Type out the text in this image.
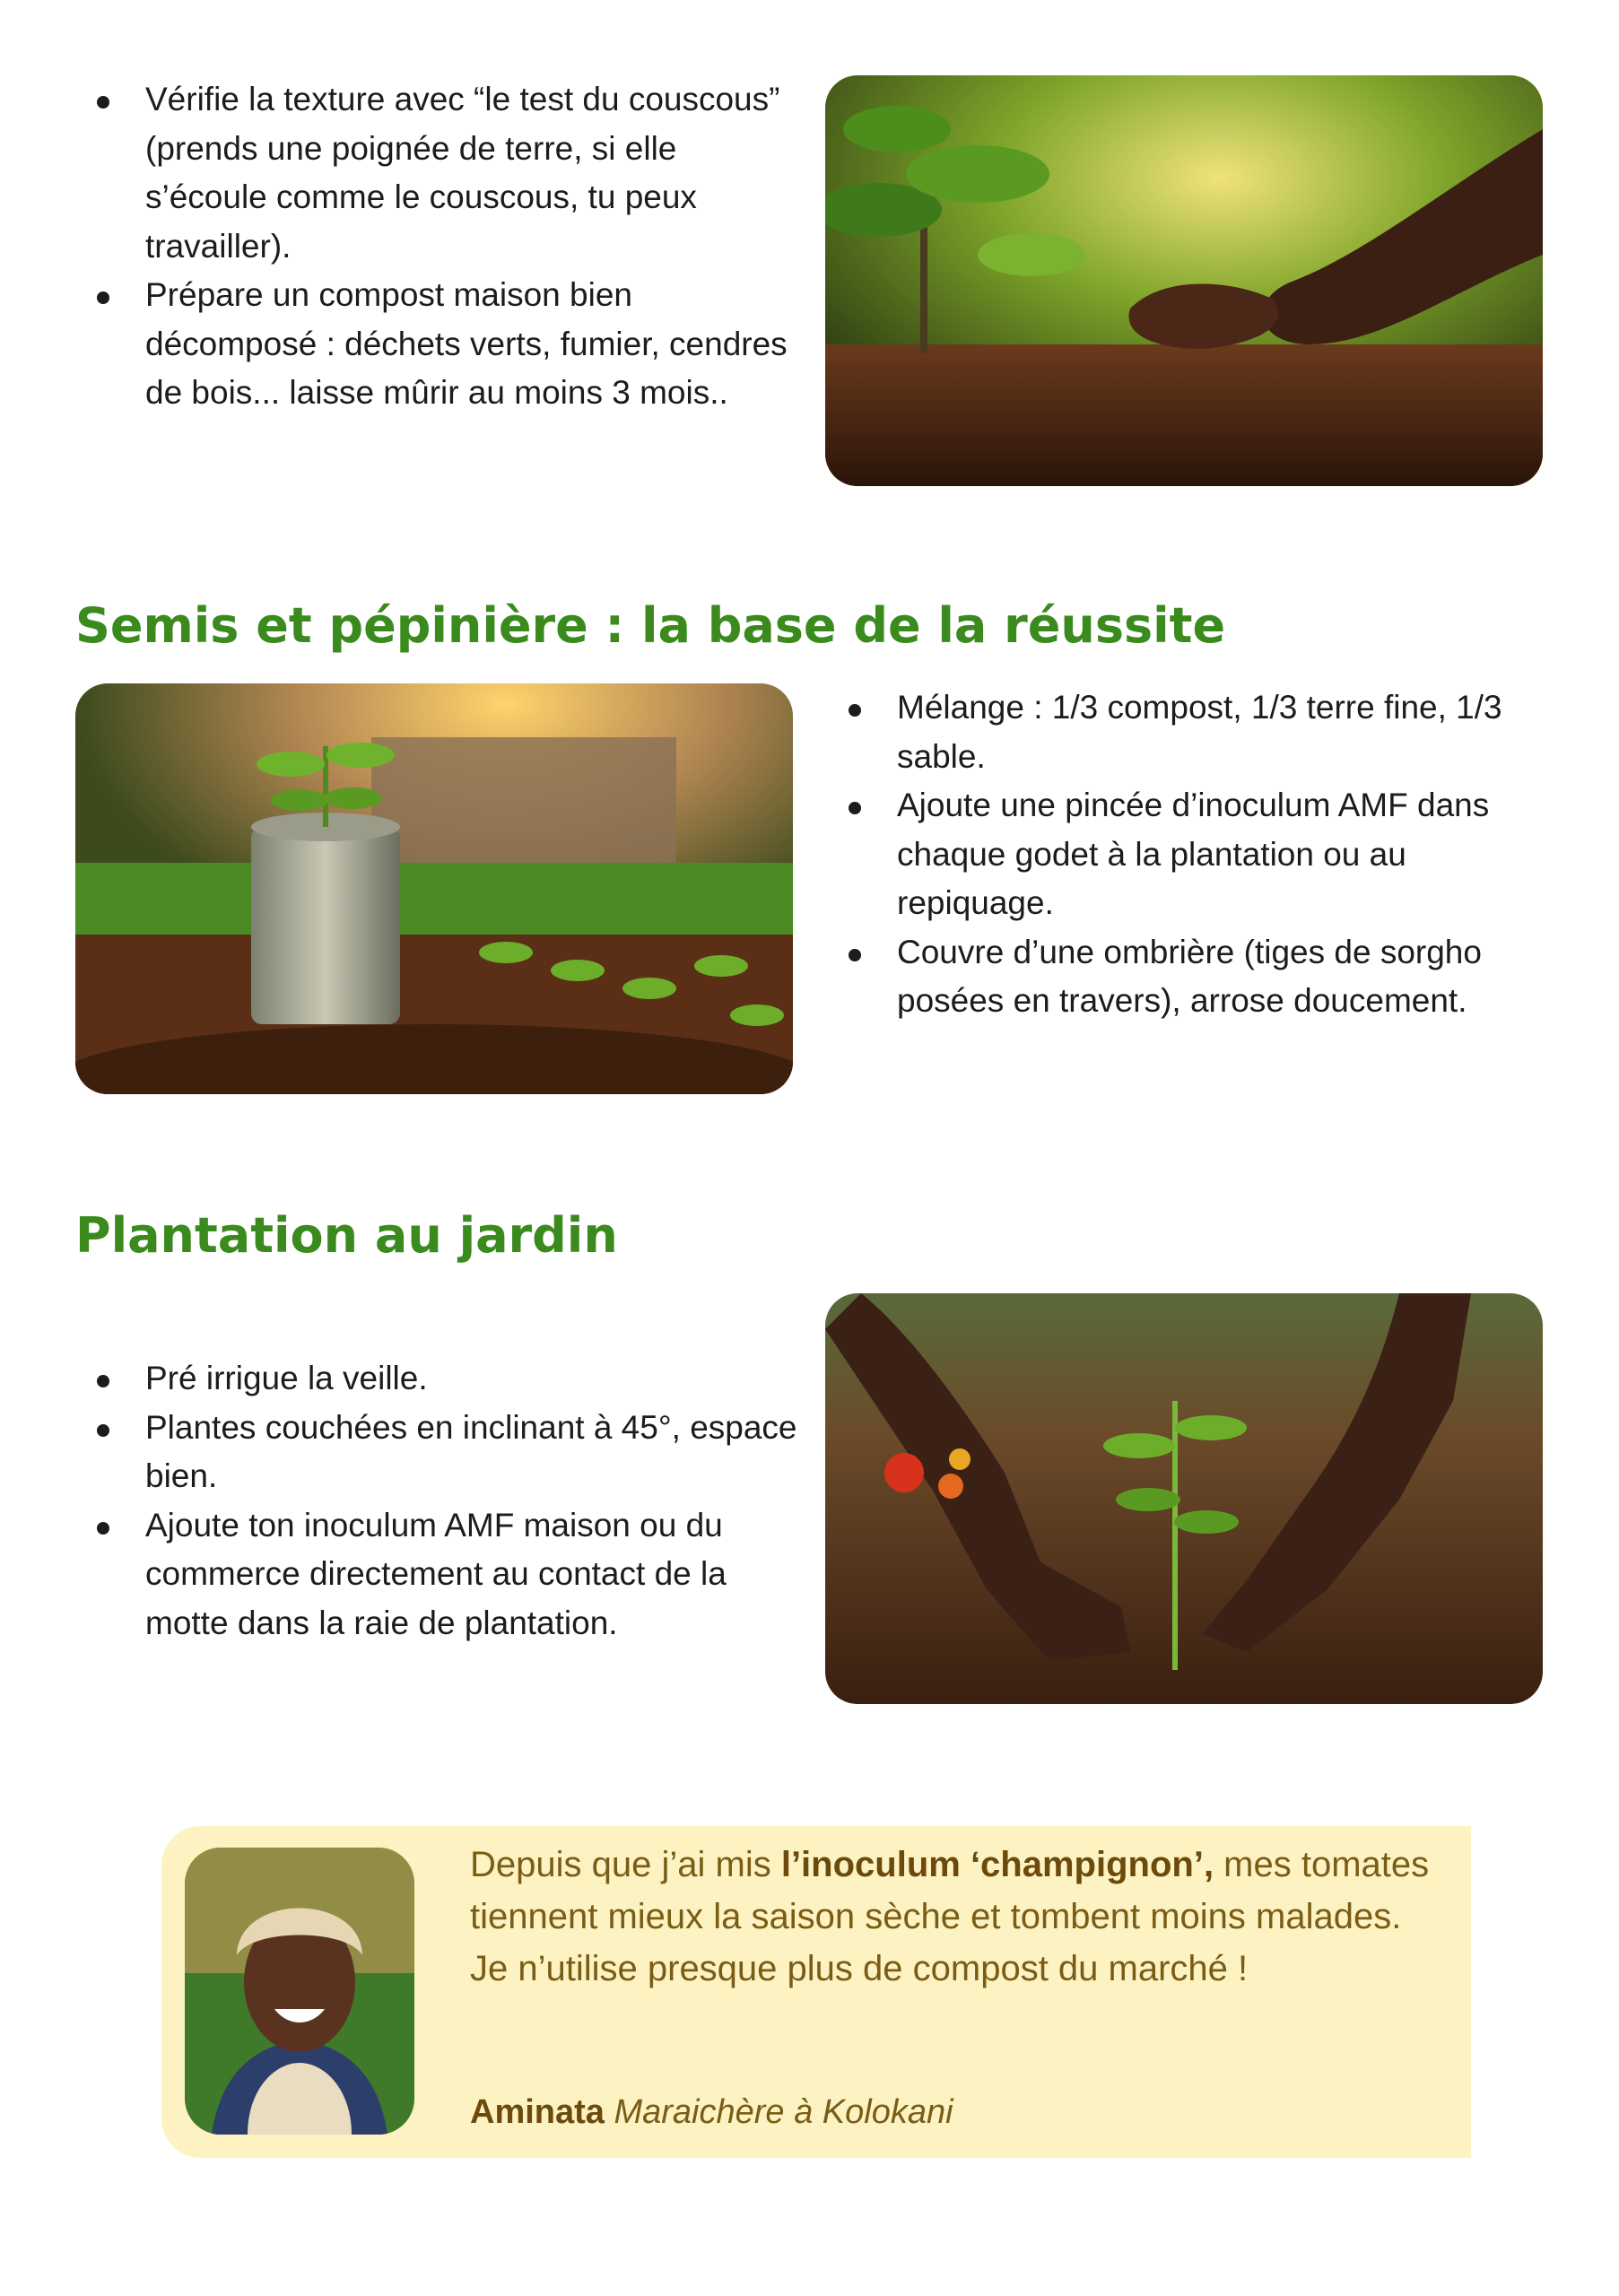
Vérifie la texture avec “le test du couscous” (prends une poignée de terre, si elle s’écoule comme le couscous, tu peux travailler).
Prépare un compost maison bien décomposé : déchets verts, fumier, cendres de bois... laisse mûrir au moins 3 mois..
Semis et pépinière : la base de la réussite
Mélange : 1/3 compost, 1/3 terre fine, 1/3 sable.
Ajoute une pincée d’inoculum AMF dans chaque godet à la plantation ou au repiquage.
Couvre d’une ombrière (tiges de sorgho posées en travers), arrose doucement.
Plantation au jardin
Pré irrigue la veille.
Plantes couchées en inclinant à 45°, espace bien.
Ajoute ton inoculum AMF maison ou du commerce directement au contact de la motte dans la raie de plantation.

Depuis que j’ai mis l’inoculum ‘champignon’, mes tomates tiennent mieux la saison sèche et tombent moins malades. Je n’utilise presque plus de compost du marché !

Aminata Maraichère à Kolokani
